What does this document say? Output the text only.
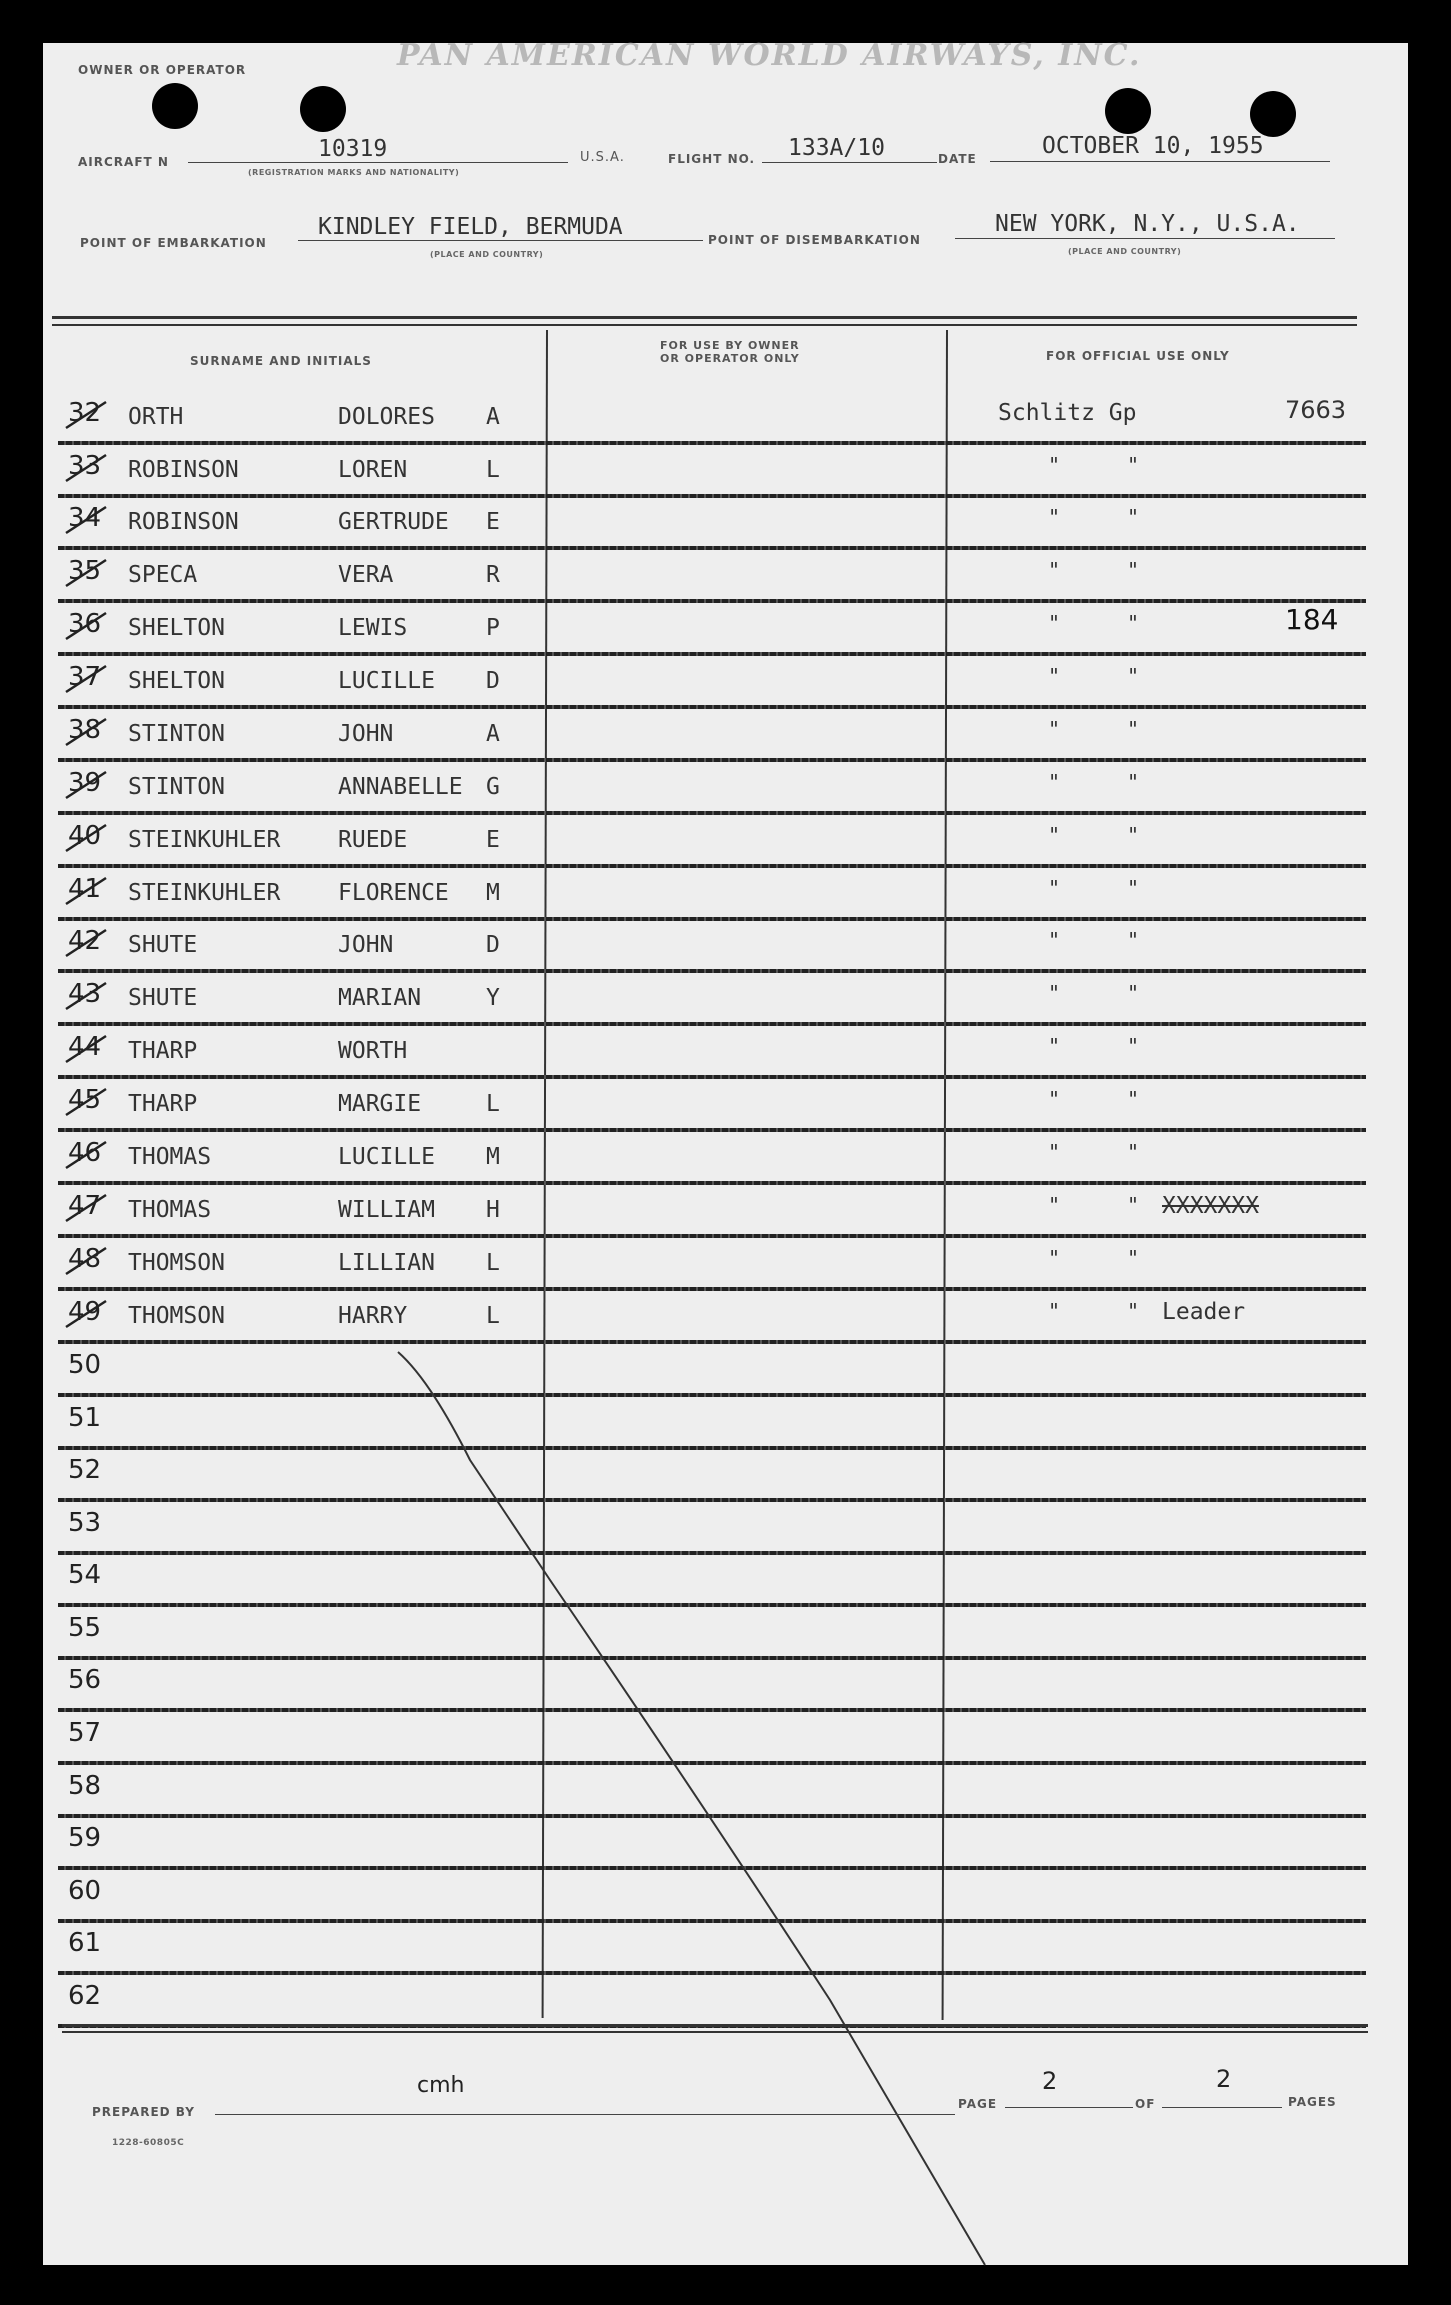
OWNER OR OPERATOR	PAN AMERICAN WORLD AIRWAYS, INC.
AIRCRAFT N	10319
(REGISTRATION MARKS AND NATIONALITY)
U.S.A.	FLIGHT NO. 133A/10	DATE	OCTOBER 10, 1955
POINT OF EMBARKATION
KINDLEY FIELD, BERMUDA
(PLACE AND COUNTRY)
POINT OF DISEMBARKATION
NEW YORK, N.Y., U.S.A.
(PLACE AND COUNTRY)
SURNAME AND INITIALS
FOR USE BY OWNER
OR OPERATOR ONLY	FOR OFFICIAL USE ONLY
32 ORTH	DOLORES A	Schlitz Gp	7663
33 ROBINSON	LOREN	L	"	"
34 ROBINSON	GERTRUDE E	"	"
35 SPECA	VERA	R	"	"
36 SHELTON	LEWIS	P	"	"	184
37 SHELTON	LUCILLE D	"	"
38 STINTON	JOHN	A	"	"
39 STINTON	ANNABELLE G	"	"
40 STEINKUHLER	RUEDE	E	"	"
41 STEINKUHLER	FLORENCE M	"	"
42 SHUTE	JOHN	D	"	"
43 SHUTE	MARIAN	Y	"	"
44 THARP	WORTH	"	"
45 THARP	MARGIE	L	"	"
46 THOMAS	LUCILLE M	"	"
47 THOMAS	WILLIAM H	"	" XXXXXXX
48 THOMSON	LILLIAN L	"	"
49 THOMSON	HARRY	L	"	" Leader
50
51
52
53
54
55
56
57
58
59
60
61
62
PREPARED BY
cmh
PAGE
2
OF
2
PAGES
1228-60805C
